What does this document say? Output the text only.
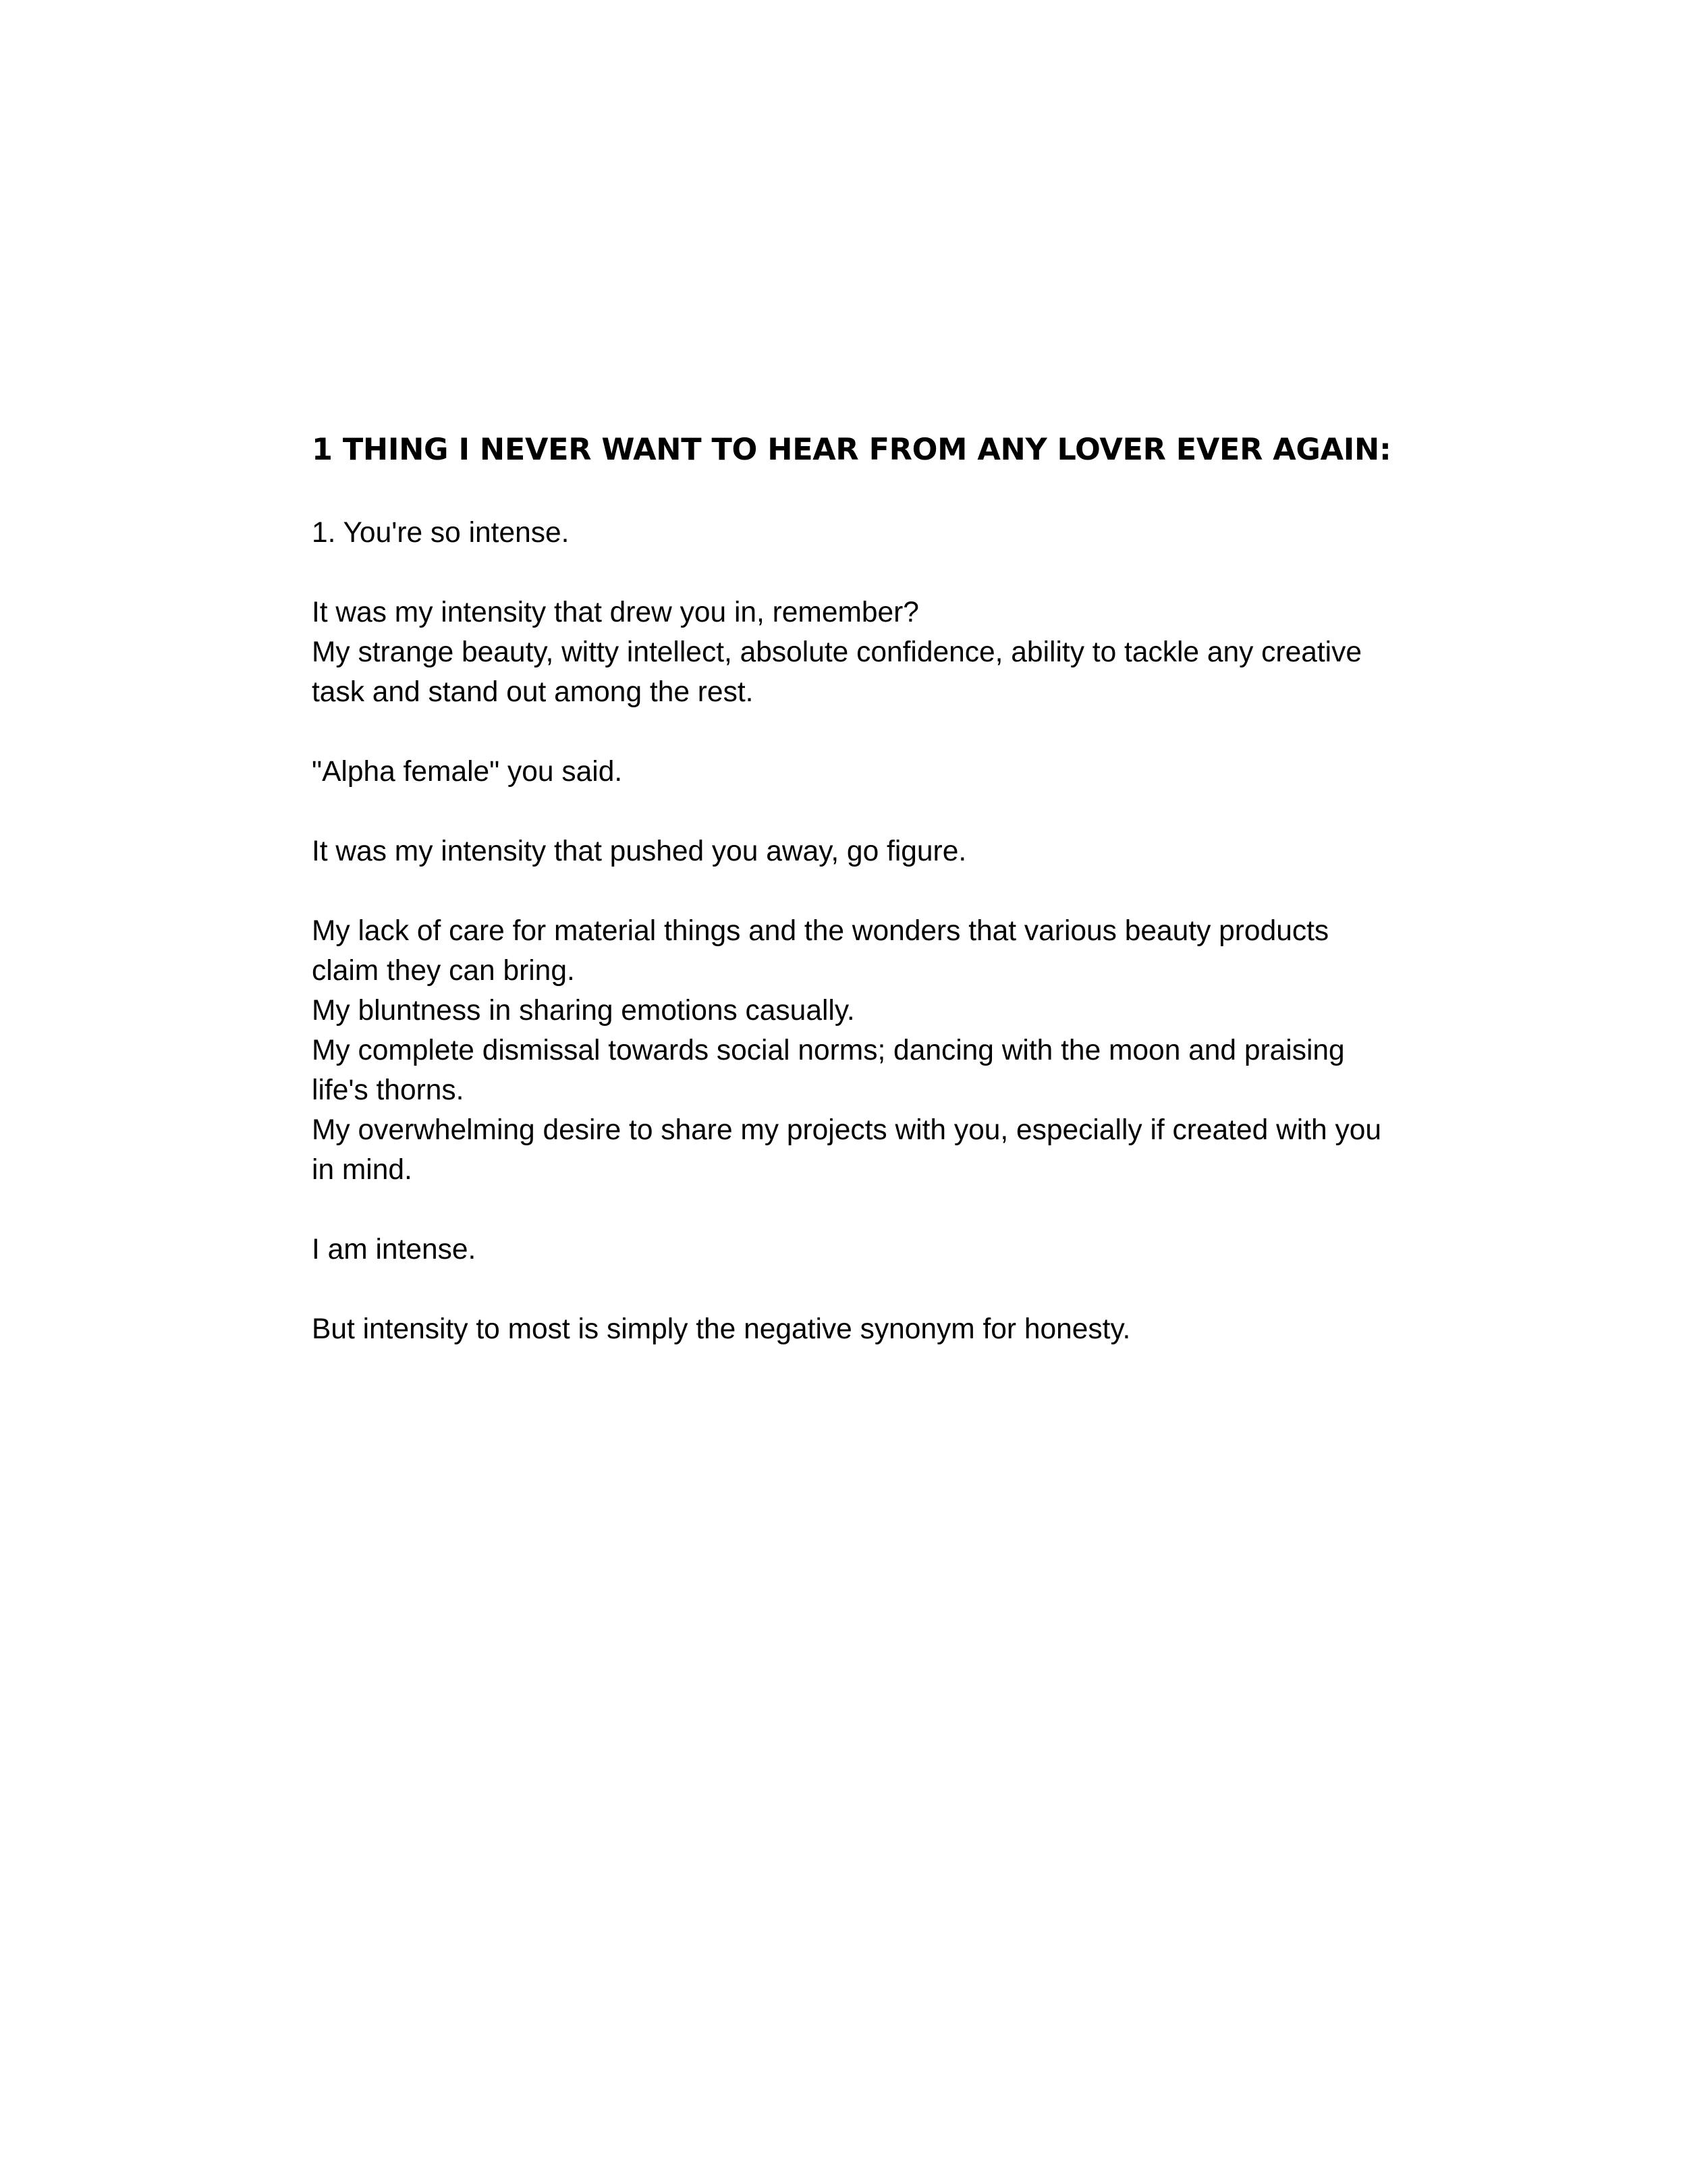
1 THING I NEVER WANT TO HEAR FROM ANY LOVER EVER AGAIN:

1. You're so intense.

It was my intensity that drew you in, remember?
My strange beauty, witty intellect, absolute confidence, ability to tackle any creative
task and stand out among the rest.

"Alpha female" you said.

It was my intensity that pushed you away, go figure.

My lack of care for material things and the wonders that various beauty products
claim they can bring.
My bluntness in sharing emotions casually.
My complete dismissal towards social norms; dancing with the moon and praising
life's thorns.
My overwhelming desire to share my projects with you, especially if created with you
in mind.

I am intense.

But intensity to most is simply the negative synonym for honesty.
